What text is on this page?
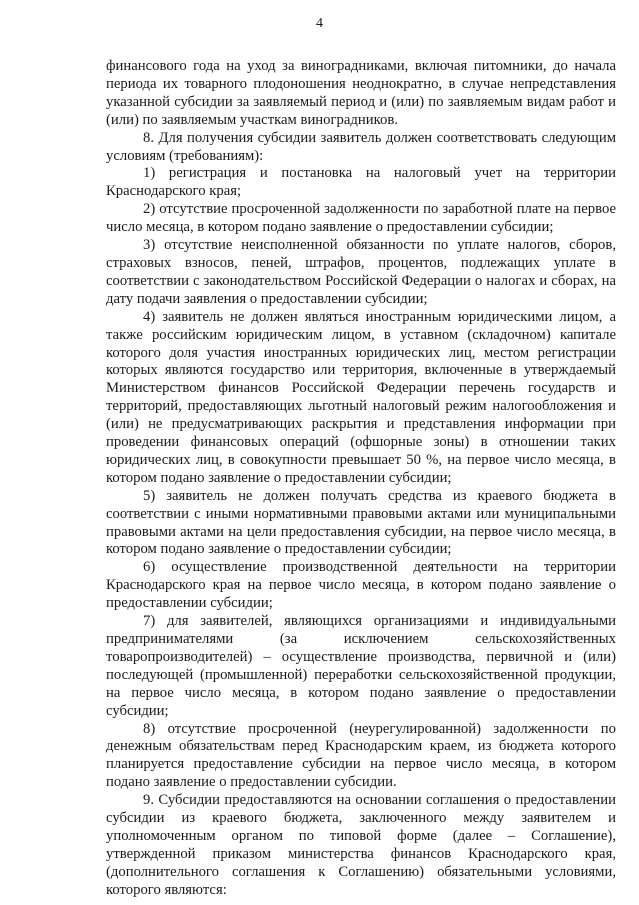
4

финансового года на уход за виноградниками, включая питомники, до начала периода их товарного плодоношения неоднократно, в случае непредставления указанной субсидии за заявляемый период и (или) по заявляемым видам работ и (или) по заявляемым участкам виноградников.

8. Для получения субсидии заявитель должен соответствовать следующим условиям (требованиям):

1) регистрация и постановка на налоговый учет на территории Краснодарского края;

2) отсутствие просроченной задолженности по заработной плате на первое число месяца, в котором подано заявление о предоставлении субсидии;

3) отсутствие неисполненной обязанности по уплате налогов, сборов, страховых взносов, пеней, штрафов, процентов, подлежащих уплате в соответствии с законодательством Российской Федерации о налогах и сборах, на дату подачи заявления о предоставлении субсидии;

4) заявитель не должен являться иностранным юридическими лицом, а также российским юридическим лицом, в уставном (складочном) капитале которого доля участия иностранных юридических лиц, местом регистрации которых являются государство или территория, включенные в утверждаемый Министерством финансов Российской Федерации перечень государств и территорий, предоставляющих льготный налоговый режим налогообложения и (или) не предусматривающих раскрытия и представления информации при проведении финансовых операций (офшорные зоны) в отношении таких юридических лиц, в совокупности превышает 50 %, на первое число месяца, в котором подано заявление о предоставлении субсидии;

5) заявитель не должен получать средства из краевого бюджета в соответствии с иными нормативными правовыми актами или муниципальными правовыми актами на цели предоставления субсидии, на первое число месяца, в котором подано заявление о предоставлении субсидии;

6) осуществление производственной деятельности на территории Краснодарского края на первое число месяца, в котором подано заявление о предоставлении субсидии;

7) для заявителей, являющихся организациями и индивидуальными предпринимателями (за исключением сельскохозяйственных товаропроизводителей) – осуществление производства, первичной и (или) последующей (промышленной) переработки сельскохозяйственной продукции, на первое число месяца, в котором подано заявление о предоставлении субсидии;

8) отсутствие просроченной (неурегулированной) задолженности по денежным обязательствам перед Краснодарским краем, из бюджета которого планируется предоставление субсидии на первое число месяца, в котором подано заявление о предоставлении субсидии.

9. Субсидии предоставляются на основании соглашения о предоставлении субсидии из краевого бюджета, заключенного между заявителем и уполномоченным органом по типовой форме (далее – Соглашение), утвержденной приказом министерства финансов Краснодарского края, (дополнительного соглашения к Соглашению) обязательными условиями, которого являются:
